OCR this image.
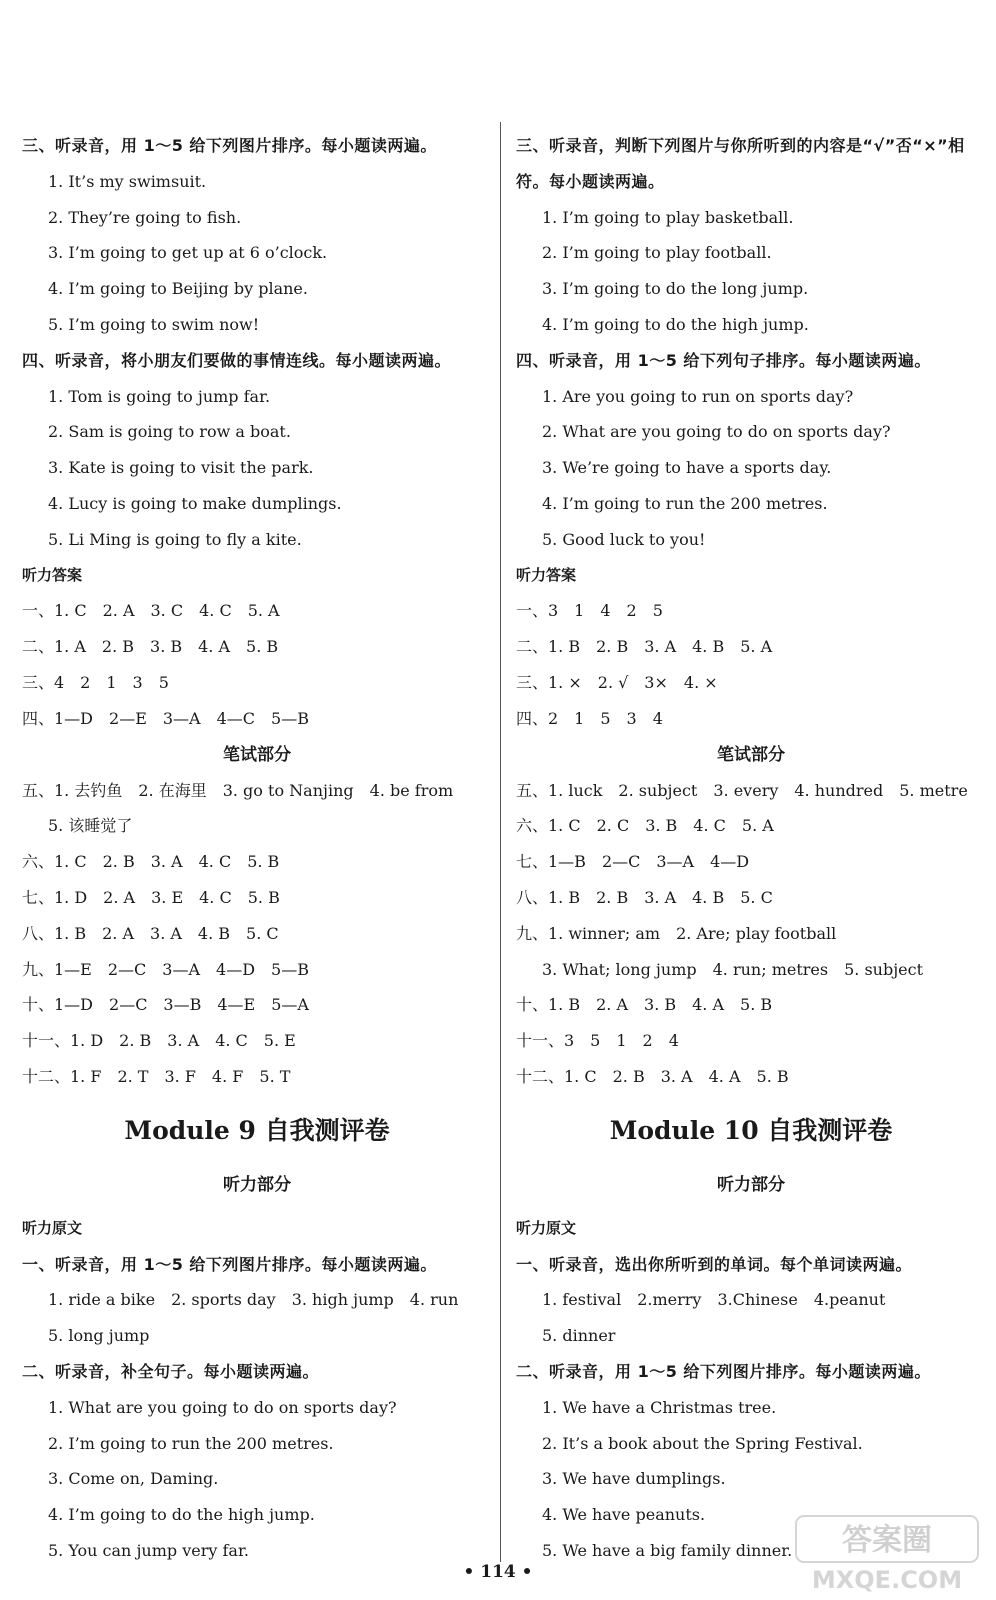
三、听录音，用 1～5 给下列图片排序。每小题读两遍。
1. It’s my swimsuit.
2. They’re going to fish.
3. I’m going to get up at 6 o’clock.
4. I’m going to Beijing by plane.
5. I’m going to swim now!
四、听录音，将小朋友们要做的事情连线。每小题读两遍。
1. Tom is going to jump far.
2. Sam is going to row a boat.
3. Kate is going to visit the park.
4. Lucy is going to make dumplings.
5. Li Ming is going to fly a kite.
听力答案
一、1. C　2. A　3. C　4. C　5. A
二、1. A　2. B　3. B　4. A　5. B
三、4　2　1　3　5
四、1—D　2—E　3—A　4—C　5—B
笔试部分
五、1. 去钓鱼　2. 在海里　3. go to Nanjing　4. be from
5. 该睡觉了
六、1. C　2. B　3. A　4. C　5. B
七、1. D　2. A　3. E　4. C　5. B
八、1. B　2. A　3. A　4. B　5. C
九、1—E　2—C　3—A　4—D　5—B
十、1—D　2—C　3—B　4—E　5—A
十一、1. D　2. B　3. A　4. C　5. E
十二、1. F　2. T　3. F　4. F　5. T
Module 9 自我测评卷
听力部分
听力原文
一、听录音，用 1～5 给下列图片排序。每小题读两遍。
1. ride a bike　2. sports day　3. high jump　4. run
5. long jump
二、听录音，补全句子。每小题读两遍。
1. What are you going to do on sports day?
2. I’m going to run the 200 metres.
3. Come on, Daming.
4. I’m going to do the high jump.
5. You can jump very far.
三、听录音，判断下列图片与你所听到的内容是“√”否“×”相符。每小题读两遍。
1. I’m going to play basketball.
2. I’m going to play football.
3. I’m going to do the long jump.
4. I’m going to do the high jump.
四、听录音，用 1～5 给下列句子排序。每小题读两遍。
1. Are you going to run on sports day?
2. What are you going to do on sports day?
3. We’re going to have a sports day.
4. I’m going to run the 200 metres.
5. Good luck to you!
听力答案
一、3　1　4　2　5
二、1. B　2. B　3. A　4. B　5. A
三、1. ×　2. √　3×　4. ×
四、2　1　5　3　4
笔试部分
五、1. luck　2. subject　3. every　4. hundred　5. metre
六、1. C　2. C　3. B　4. C　5. A
七、1—B　2—C　3—A　4—D
八、1. B　2. B　3. A　4. B　5. C
九、1. winner; am　2. Are; play football
3. What; long jump　4. run; metres　5. subject
十、1. B　2. A　3. B　4. A　5. B
十一、3　5　1　2　4
十二、1. C　2. B　3. A　4. A　5. B
Module 10 自我测评卷
听力部分
听力原文
一、听录音，选出你所听到的单词。每个单词读两遍。
1. festival　2.merry　3.Chinese　4.peanut
5. dinner
二、听录音，用 1～5 给下列图片排序。每小题读两遍。
1. We have a Christmas tree.
2. It’s a book about the Spring Festival.
3. We have dumplings.
4. We have peanuts.
5. We have a big family dinner.
• 114 •
答案圈
MXQE.COM
